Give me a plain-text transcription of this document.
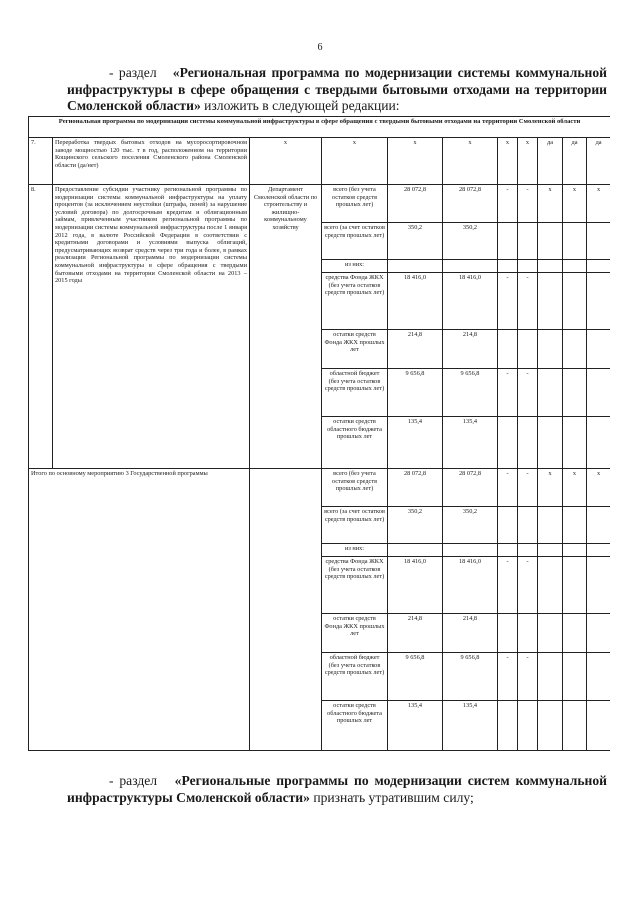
6
- раздел «Региональная программа по модернизации системы коммунальной инфраструктуры в сфере обращения с твердыми бытовыми отходами на территории Смоленской области» изложить в следующей редакции:
Региональная программа по модернизации системы коммунальной инфраструктуры в сфере обращения с твердыми бытовыми отходами на территории Смоленской области										
7.	Переработка твердых бытовых отходов на мусоросортировочном заводе мощностью 120 тыс. т в год, расположенном на территории Кощинского сельского поселения Смоленского района Смоленской области (да/нет)	х	х	х	х	х	х	да	да	да
8.	Предоставление субсидии участнику региональной программы по модернизации системы коммунальной инфраструктуры на уплату процентов (за исключением неустойки (штрафа, пеней) за нарушение условий договора) по долгосрочным кредитам и облигационным займам, привлеченным участником региональной программы по модернизации системы коммунальной инфраструктуры после 1 января 2012 года, в валюте Российской Федерации в соответствии с кредитными договорами и условиями выпуска облигаций, предусматривающих возврат средств через три года и более, в рамках реализации Региональной программы по модернизации системы коммунальной инфраструктуры в сфере обращения с твердыми бытовыми отходами на территории Смоленской области на 2013 – 2015 годы	Департамент Смоленской области по строительству и жилищно-коммунальному хозяйству	всего (без учета остатков средств прошлых лет)	28 072,8	28 072,8	-	-	х	х	х
			всего (за счет остатков средств прошлых лет)	350,2	350,2					
			из них:							
			средства Фонда ЖКХ (без учета остатков средств прошлых лет)	18 416,0	18 416,0	-	-			
			остатки средств Фонда ЖКХ прошлых лет	214,8	214,8					
			областной бюджет (без учета остатков средств прошлых лет)	9 656,8	9 656,8	-	-			
			остатки средств областного бюджета прошлых лет	135,4	135,4					
Итого по основному мероприятию 3 Государственной программы			всего (без учета остатков средств прошлых лет)	28 072,8	28 072,8	-	-	х	х	х
			всего (за счет остатков средств прошлых лет)	350,2	350,2					
			из них:							
			средства Фонда ЖКХ (без учета остатков средств прошлых лет)	18 416,0	18 416,0	-	-			
			остатки средств Фонда ЖКХ прошлых лет	214,8	214,8					
			областной бюджет (без учета остатков средств прошлых лет)	9 656,8	9 656,8	-	-			
			остатки средств областного бюджета прошлых лет	135,4	135,4					
- раздел «Региональные программы по модернизации систем коммунальной инфраструктуры Смоленской области» признать утратившим силу;
